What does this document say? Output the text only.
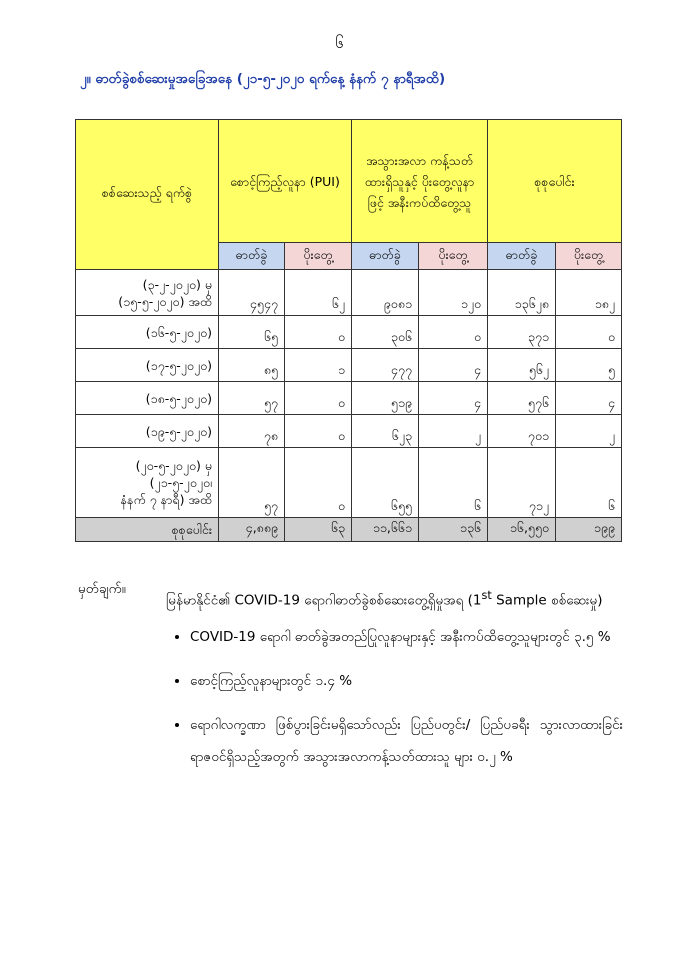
၆
၂။ ဓာတ်ခွဲစစ်ဆေးမှုအခြေအနေ (၂၁-၅-၂၀၂၀ ရက်နေ့ နံနက် ၇ နာရီအထိ)
စစ်ဆေးသည့် ရက်စွဲ	စောင့်ကြည့်လူနာ (PUI)		အသွားအလာ ကန့်သတ်ထားရှိသူနှင့် ပိုးတွေ့လူနာဖြင့် အနီးကပ်ထိတွေ့သူ		စုစုပေါင်း	
	ဓာတ်ခွဲ	ပိုးတွေ့	ဓာတ်ခွဲ	ပိုးတွေ့	ဓာတ်ခွဲ	ပိုးတွေ့

(၃-၂-၂၀၂၀) မှ
(၁၅-၅-၂၀၂၀) အထိ	၄၅၄၇	၆၂	၉၀၈၁	၁၂၀	၁၃၆၂၈	၁၈၂

(၁၆-၅-၂၀၂၀)	၆၅	၀	၃၀၆	၀	၃၇၁	၀

(၁၇-၅-၂၀၂၀)	၈၅	၁	၄၇၇	၄	၅၆၂	၅

(၁၈-၅-၂၀၂၀)	၅၇	၀	၅၁၉	၄	၅၇၆	၄

(၁၉-၅-၂၀၂၀)	၇၈	၀	၆၂၃	၂	၇၀၁	၂

(၂၀-၅-၂၀၂၀) မှ
(၂၁-၅-၂၀၂၀၊
နံနက် ၇ နာရီ) အထိ	၅၇	၀	၆၅၅	၆	၇၁၂	၆
စုစုပေါင်း	၄,၈၈၉	၆၃	၁၁,၆၆၁	၁၃၆	၁၆,၅၅၀	၁၉၉
မှတ်ချက်။
မြန်မာနိုင်ငံ၏ COVID-19 ရောဂါဓာတ်ခွဲစစ်ဆေးတွေ့ရှိမှုအရ (1st Sample စစ်ဆေးမှု)
• COVID-19 ရောဂါ ဓာတ်ခွဲအတည်ပြုလူနာများနှင့် အနီးကပ်ထိတွေ့သူများတွင် ၃.၅ %
• စောင့်ကြည့်လူနာများတွင် ၁.၄ %
• ရောဂါလက္ခဏာ ဖြစ်ပွားခြင်းမရှိသော်လည်း ပြည်ပတွင်း/ ပြည်ပခရီး သွားလာထားခြင်း ရာဇဝင်ရှိသည့်အတွက် အသွားအလာကန့်သတ်ထားသူ များ ၀.၂ %
